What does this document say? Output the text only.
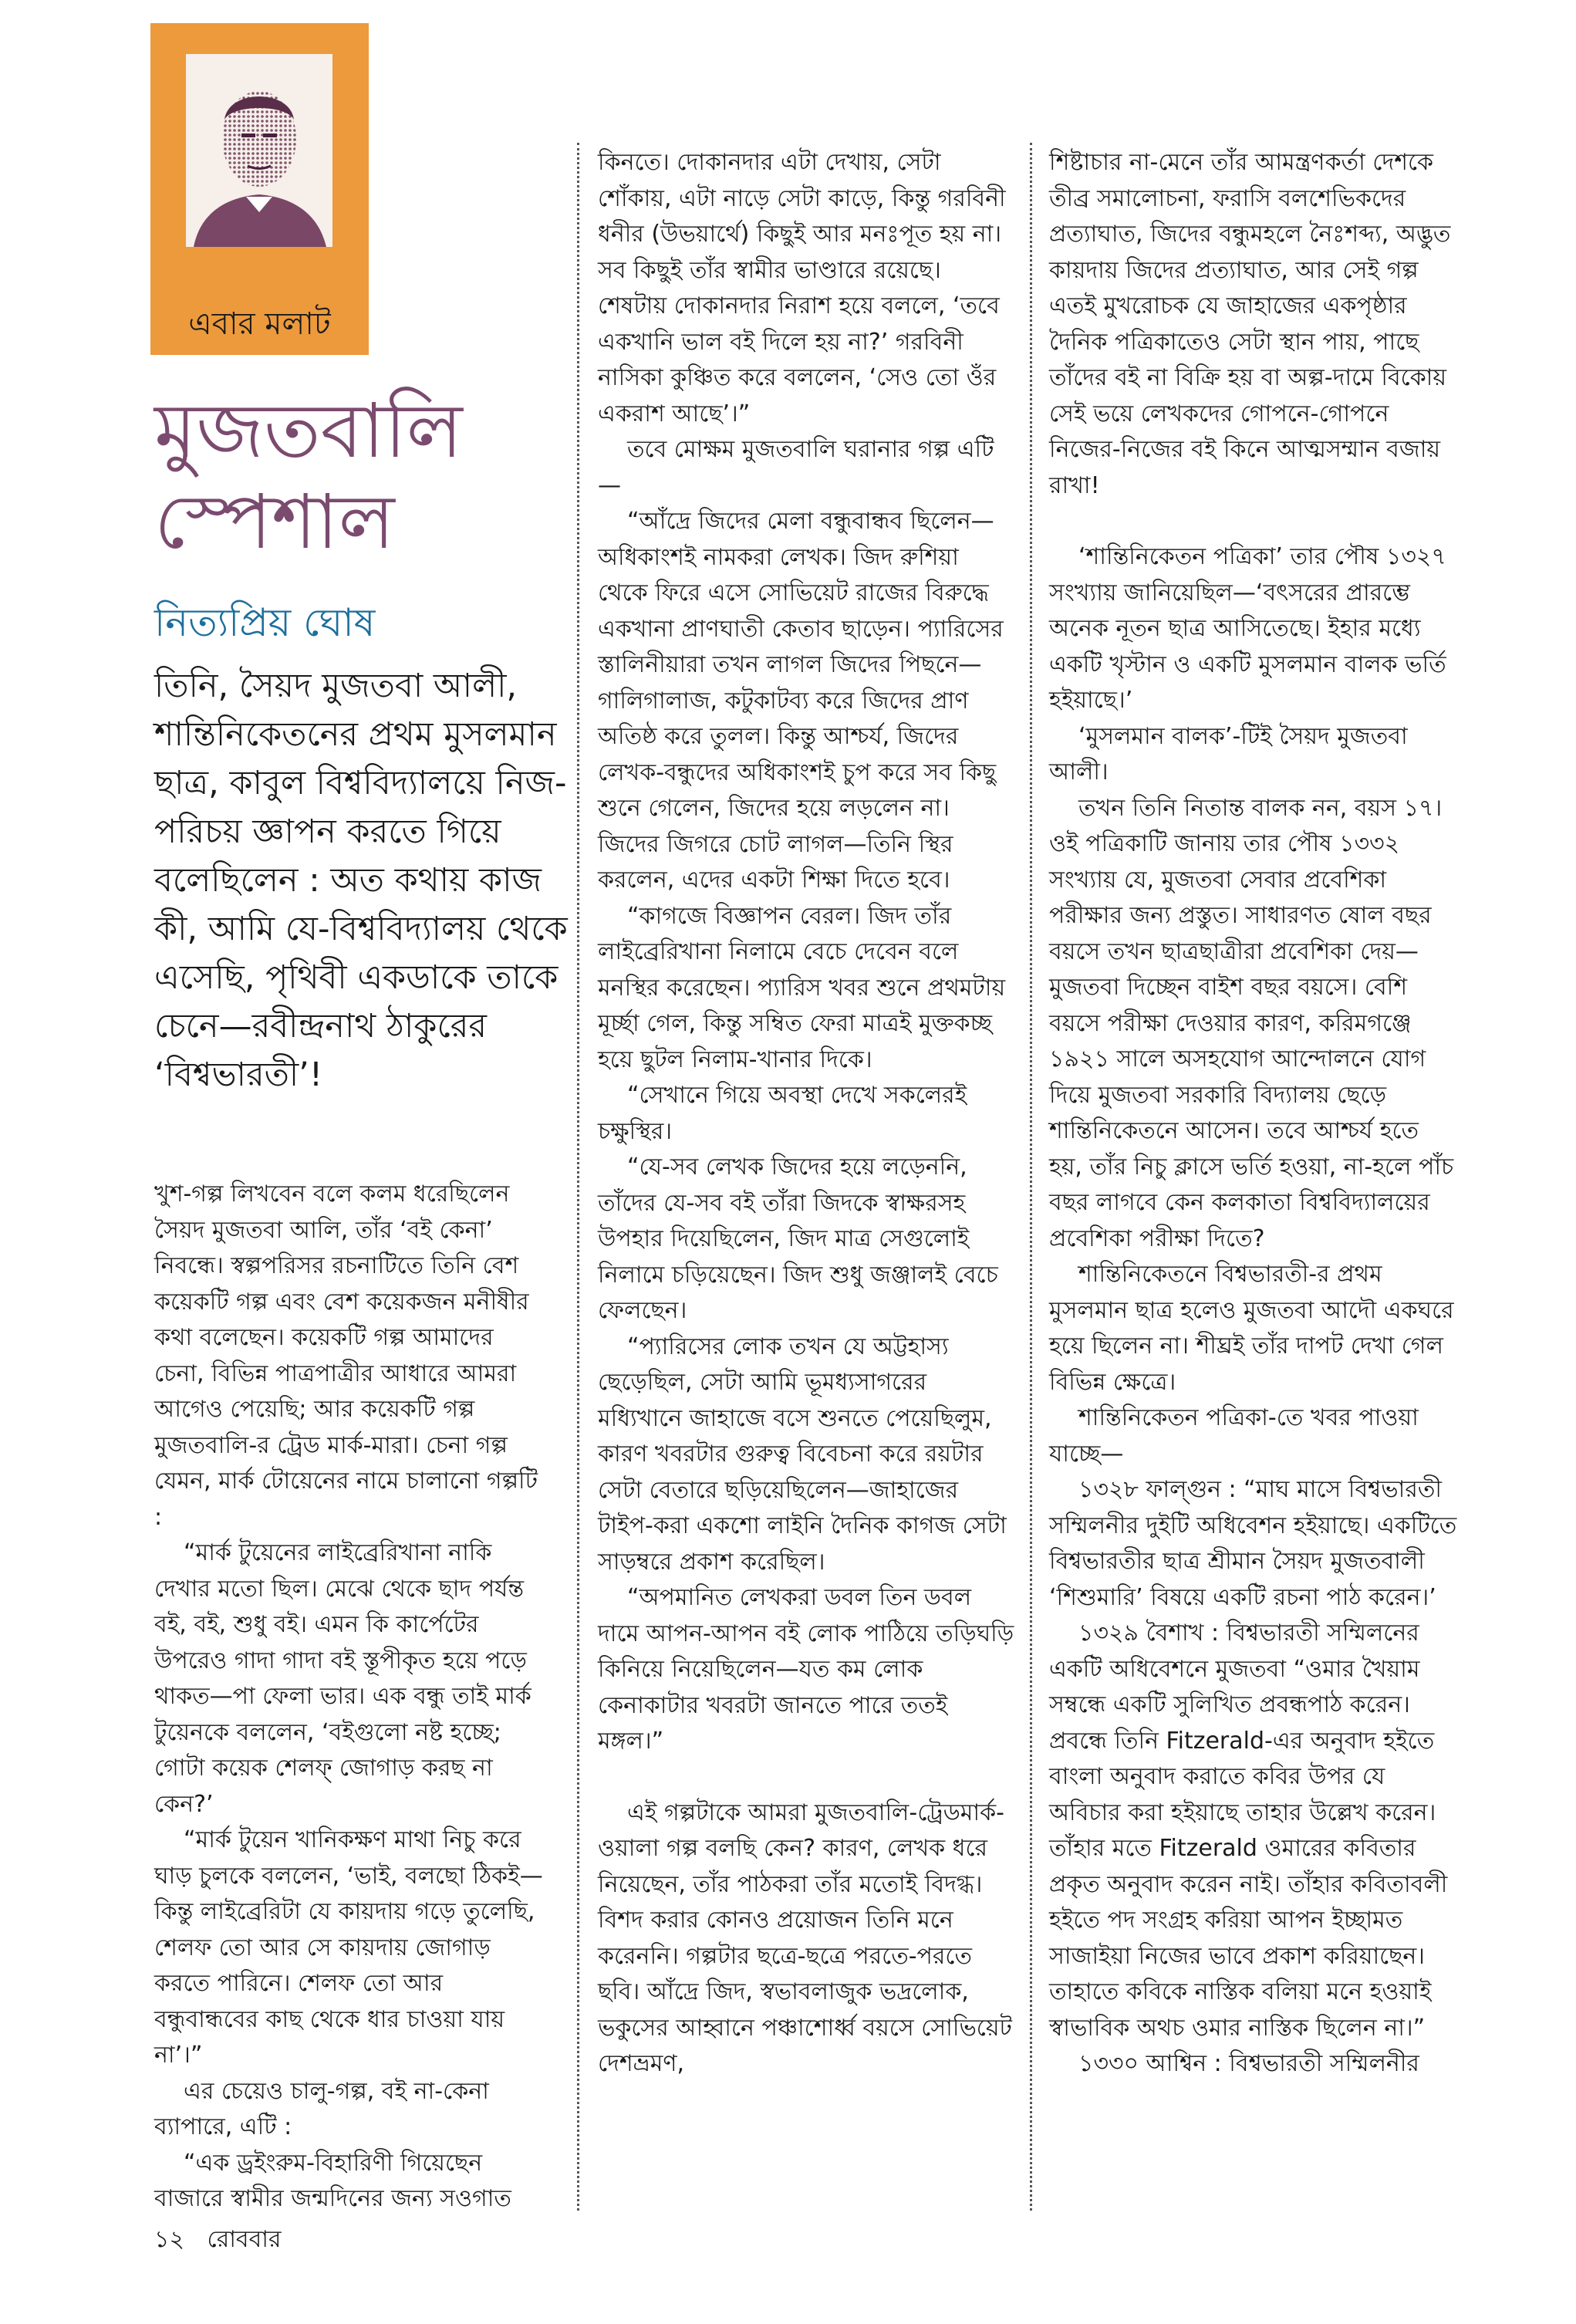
এবার মলাট
মুজতবালি
স্পেশাল
নিত্যপ্রিয় ঘোষ

তিনি, সৈয়দ মুজতবা আলী, শান্তিনিকেতনের প্রথম মুসলমান ছাত্র, কাবুল বিশ্ববিদ্যালয়ে নিজ-পরিচয় জ্ঞাপন করতে গিয়ে বলেছিলেন : অত কথায় কাজ কী, আমি যে-বিশ্ববিদ্যালয় থেকে এসেছি, পৃথিবী একডাকে তাকে চেনে—রবীন্দ্রনাথ ঠাকুরের ‘বিশ্বভারতী’!

খুশ-গল্প লিখবেন বলে কলম ধরেছিলেন সৈয়দ মুজতবা আলি, তাঁর ‘বই কেনা’ নিবন্ধে। স্বল্পপরিসর রচনাটিতে তিনি বেশ কয়েকটি গল্প এবং বেশ কয়েকজন মনীষীর কথা বলেছেন। কয়েকটি গল্প আমাদের চেনা, বিভিন্ন পাত্রপাত্রীর আধারে আমরা আগেও পেয়েছি; আর কয়েকটি গল্প মুজতবালি-র ট্রেড মার্ক-মারা। চেনা গল্প যেমন, মার্ক টোয়েনের নামে চালানো গল্পটি :

“মার্ক টুয়েনের লাইব্রেরিখানা নাকি দেখার মতো ছিল। মেঝে থেকে ছাদ পর্যন্ত বই, বই, শুধু বই। এমন কি কার্পেটের উপরেও গাদা গাদা বই স্তূপীকৃত হয়ে পড়ে থাকত—পা ফেলা ভার। এক বন্ধু তাই মার্ক টুয়েনকে বললেন, ‘বইগুলো নষ্ট হচ্ছে; গোটা কয়েক শেলফ্ জোগাড় করছ না কেন?’

“মার্ক টুয়েন খানিকক্ষণ মাথা নিচু করে ঘাড় চুলকে বললেন, ‘ভাই, বলছো ঠিকই—কিন্তু লাইব্রেরিটা যে কায়দায় গড়ে তুলেছি, শেলফ তো আর সে কায়দায় জোগাড় করতে পারিনে। শেলফ তো আর বন্ধুবান্ধবের কাছ থেকে ধার চাওয়া যায় না’।”

এর চেয়েও চালু-গল্প, বই না-কেনা ব্যাপারে, এটি :

“এক ড্রইংরুম-বিহারিণী গিয়েছেন বাজারে স্বামীর জন্মদিনের জন্য সওগাত

কিনতে। দোকানদার এটা দেখায়, সেটা শোঁকায়, এটা নাড়ে সেটা কাড়ে, কিন্তু গরবিনী ধনীর (উভয়ার্থে) কিছুই আর মনঃপূত হয় না। সব কিছুই তাঁর স্বামীর ভাণ্ডারে রয়েছে। শেষটায় দোকানদার নিরাশ হয়ে বললে, ‘তবে একখানি ভাল বই দিলে হয় না?’ গরবিনী নাসিকা কুঞ্চিত করে বললেন, ‘সেও তো ওঁর একরাশ আছে’।”

তবে মোক্ষম মুজতবালি ঘরানার গল্প এটি—

“আঁদ্রে জিদের মেলা বন্ধুবান্ধব ছিলেন—অধিকাংশই নামকরা লেখক। জিদ রুশিয়া থেকে ফিরে এসে সোভিয়েট রাজের বিরুদ্ধে একখানা প্রাণঘাতী কেতাব ছাড়েন। প্যারিসের স্তালিনীয়ারা তখন লাগল জিদের পিছনে—গালিগালাজ, কটুকাটব্য করে জিদের প্রাণ অতিষ্ঠ করে তুলল। কিন্তু আশ্চর্য, জিদের লেখক-বন্ধুদের অধিকাংশই চুপ করে সব কিছু শুনে গেলেন, জিদের হয়ে লড়লেন না। জিদের জিগরে চোট লাগল—তিনি স্থির করলেন, এদের একটা শিক্ষা দিতে হবে।

“কাগজে বিজ্ঞাপন বেরল। জিদ তাঁর লাইব্রেরিখানা নিলামে বেচে দেবেন বলে মনস্থির করেছেন। প্যারিস খবর শুনে প্রথমটায় মূর্চ্ছা গেল, কিন্তু সম্বিত ফেরা মাত্রই মুক্তকচ্ছ হয়ে ছুটল নিলাম-খানার দিকে।

“সেখানে গিয়ে অবস্থা দেখে সকলেরই চক্ষুস্থির।

“যে-সব লেখক জিদের হয়ে লড়েননি, তাঁদের যে-সব বই তাঁরা জিদকে স্বাক্ষরসহ উপহার দিয়েছিলেন, জিদ মাত্র সেগুলোই নিলামে চড়িয়েছেন। জিদ শুধু জঞ্জালই বেচে ফেলছেন।

“প্যারিসের লোক তখন যে অট্টহাস্য ছেড়েছিল, সেটা আমি ভূমধ্যসাগরের মধ্যিখানে জাহাজে বসে শুনতে পেয়েছিলুম, কারণ খবরটার গুরুত্ব বিবেচনা করে রয়টার সেটা বেতারে ছড়িয়েছিলেন—জাহাজের টাইপ-করা একশো লাইনি দৈনিক কাগজ সেটা সাড়ম্বরে প্রকাশ করেছিল।

“অপমানিত লেখকরা ডবল তিন ডবল দামে আপন-আপন বই লোক পাঠিয়ে তড়িঘড়ি কিনিয়ে নিয়েছিলেন—যত কম লোক কেনাকাটার খবরটা জানতে পারে ততই মঙ্গল।”

এই গল্পটাকে আমরা মুজতবালি-ট্রেডমার্ক-ওয়ালা গল্প বলছি কেন? কারণ, লেখক ধরে নিয়েছেন, তাঁর পাঠকরা তাঁর মতোই বিদগ্ধ। বিশদ করার কোনও প্রয়োজন তিনি মনে করেননি। গল্পটার ছত্রে-ছত্রে পরতে-পরতে ছবি। আঁদ্রে জিদ, স্বভাবলাজুক ভদ্রলোক, ভকুসের আহ্বানে পঞ্চাশোর্ধ্ব বয়সে সোভিয়েট দেশভ্রমণ,

শিষ্টাচার না-মেনে তাঁর আমন্ত্রণকর্তা দেশকে তীব্র সমালোচনা, ফরাসি বলশেভিকদের প্রত্যাঘাত, জিদের বন্ধুমহলে নৈঃশব্দ্য, অদ্ভুত কায়দায় জিদের প্রত্যাঘাত, আর সেই গল্প এতই মুখরোচক যে জাহাজের একপৃষ্ঠার দৈনিক পত্রিকাতেও সেটা স্থান পায়, পাছে তাঁদের বই না বিক্রি হয় বা অল্প-দামে বিকোয় সেই ভয়ে লেখকদের গোপনে-গোপনে নিজের-নিজের বই কিনে আত্মসম্মান বজায় রাখা!

‘শান্তিনিকেতন পত্রিকা’ তার পৌষ ১৩২৭ সংখ্যায় জানিয়েছিল—‘বৎসরের প্রারম্ভে অনেক নূতন ছাত্র আসিতেছে। ইহার মধ্যে একটি খৃস্টান ও একটি মুসলমান বালক ভর্তি হইয়াছে।’

‘মুসলমান বালক’-টিই সৈয়দ মুজতবা আলী।

তখন তিনি নিতান্ত বালক নন, বয়স ১৭। ওই পত্রিকাটি জানায় তার পৌষ ১৩৩২ সংখ্যায় যে, মুজতবা সেবার প্রবেশিকা পরীক্ষার জন্য প্রস্তুত। সাধারণত ষোল বছর বয়সে তখন ছাত্রছাত্রীরা প্রবেশিকা দেয়—মুজতবা দিচ্ছেন বাইশ বছর বয়সে। বেশি বয়সে পরীক্ষা দেওয়ার কারণ, করিমগঞ্জে ১৯২১ সালে অসহযোগ আন্দোলনে যোগ দিয়ে মুজতবা সরকারি বিদ্যালয় ছেড়ে শান্তিনিকেতনে আসেন। তবে আশ্চর্য হতে হয়, তাঁর নিচু ক্লাসে ভর্তি হওয়া, না-হলে পাঁচ বছর লাগবে কেন কলকাতা বিশ্ববিদ্যালয়ের প্রবেশিকা পরীক্ষা দিতে?

শান্তিনিকেতনে বিশ্বভারতী-র প্রথম মুসলমান ছাত্র হলেও মুজতবা আদৌ একঘরে হয়ে ছিলেন না। শীঘ্রই তাঁর দাপট দেখা গেল বিভিন্ন ক্ষেত্রে।

শান্তিনিকেতন পত্রিকা-তে খবর পাওয়া যাচ্ছে—

১৩২৮ ফাল্গুন : “মাঘ মাসে বিশ্বভারতী সম্মিলনীর দুইটি অধিবেশন হইয়াছে। একটিতে বিশ্বভারতীর ছাত্র শ্রীমান সৈয়দ মুজতবালী ‘শিশুমারি’ বিষয়ে একটি রচনা পাঠ করেন।’

১৩২৯ বৈশাখ : বিশ্বভারতী সম্মিলনের একটি অধিবেশনে মুজতবা “ওমার খৈয়াম সম্বন্ধে একটি সুলিখিত প্রবন্ধপাঠ করেন। প্রবন্ধে তিনি Fitzerald-এর অনুবাদ হইতে বাংলা অনুবাদ করাতে কবির উপর যে অবিচার করা হইয়াছে তাহার উল্লেখ করেন। তাঁহার মতে Fitzerald ওমারের কবিতার প্রকৃত অনুবাদ করেন নাই। তাঁহার কবিতাবলী হইতে পদ সংগ্রহ করিয়া আপন ইচ্ছামত সাজাইয়া নিজের ভাবে প্রকাশ করিয়াছেন। তাহাতে কবিকে নাস্তিক বলিয়া মনে হওয়াই স্বাভাবিক অথচ ওমার নাস্তিক ছিলেন না।”

১৩৩০ আশ্বিন : বিশ্বভারতী সম্মিলনীর

১২ রোববার
